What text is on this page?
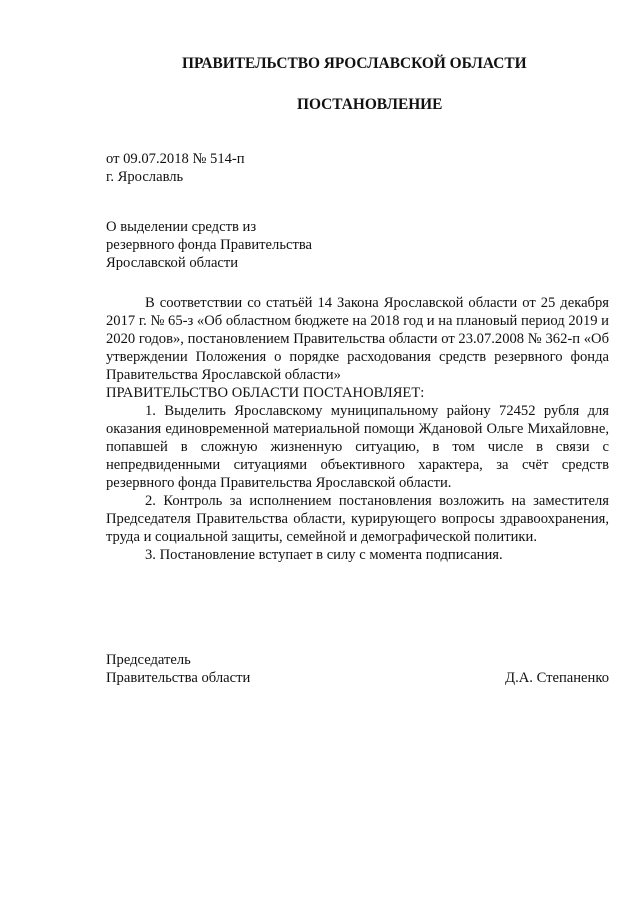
ПРАВИТЕЛЬСТВО ЯРОСЛАВСКОЙ ОБЛАСТИ
ПОСТАНОВЛЕНИЕ
от 09.07.2018 № 514-п
г. Ярославль
О выделении средств из
резервного фонда Правительства
Ярославской области
В соответствии со статьёй 14 Закона Ярославской области от 25 декабря 2017 г. № 65-з «Об областном бюджете на 2018 год и на плановый период 2019 и 2020 годов», постановлением Правительства области от 23.07.2008 № 362-п «Об утверждении Положения о порядке расходования средств резервного фонда Правительства Ярославской области»
ПРАВИТЕЛЬСТВО ОБЛАСТИ ПОСТАНОВЛЯЕТ:
1. Выделить Ярославскому муниципальному району 72452 рубля для оказания единовременной материальной помощи Ждановой Ольге Михайловне, попавшей в сложную жизненную ситуацию, в том числе в связи с непредвиденными ситуациями объективного характера, за счёт средств резервного фонда Правительства Ярославской области.
2. Контроль за исполнением постановления возложить на заместителя Председателя Правительства области, курирующего вопросы здравоохранения, труда и социальной защиты, семейной и демографической политики.
3. Постановление вступает в силу с момента подписания.
Председатель
Правительства области	Д.А. Степаненко
